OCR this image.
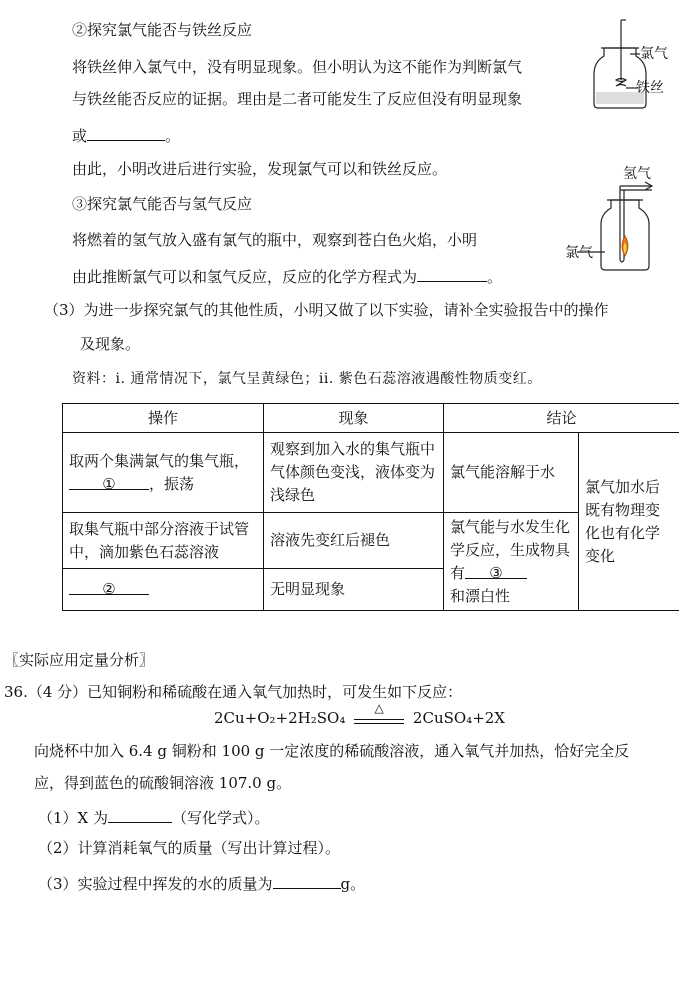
②探究氯气能否与铁丝反应
将铁丝伸入氯气中，没有明显现象。但小明认为这不能作为判断氯气
与铁丝能否反应的证据。理由是二者可能发生了反应但没有明显现象
或	。
由此，小明改进后进行实验，发现氯气可以和铁丝反应。
氯气
铁丝
③探究氯气能否与氢气反应
将燃着的氢气放入盛有氯气的瓶中，观察到苍白色火焰，小明
由此推断氯气可以和氢气反应，反应的化学方程式为	。
氢气
氯气
（3）为进一步探究氯气的其他性质，小明又做了以下实验，请补全实验报告中的操作
及现象。
资料：i. 通常情况下，氯气呈黄绿色；ii. 紫色石蕊溶液遇酸性物质变红。
操作	现象	结论	
取两个集满氯气的集气瓶，
① ，振荡	观察到加入水的集气瓶中气体颜色变浅，液体变为浅绿色	氯气能溶解于水	氯气加水后既有物理变化也有化学变化
取集气瓶中部分溶液于试管中，滴加紫色石蕊溶液	溶液先变红后褪色	氯气能与水发生化学反应，生成物具有 ③
和漂白性	
②	无明显现象		
〖实际应用定量分析〗
36.（4 分）已知铜粉和稀硫酸在通入氧气加热时，可发生如下反应：
2Cu+O₂+2H₂SO₄
△
2CuSO₄+2X
向烧杯中加入 6.4 g 铜粉和 100 g 一定浓度的稀硫酸溶液，通入氧气并加热，恰好完全反
应，得到蓝色的硫酸铜溶液 107.0 g。
（1）X 为	（写化学式）。
（2）计算消耗氧气的质量（写出计算过程）。
（3）实验过程中挥发的水的质量为	g。
